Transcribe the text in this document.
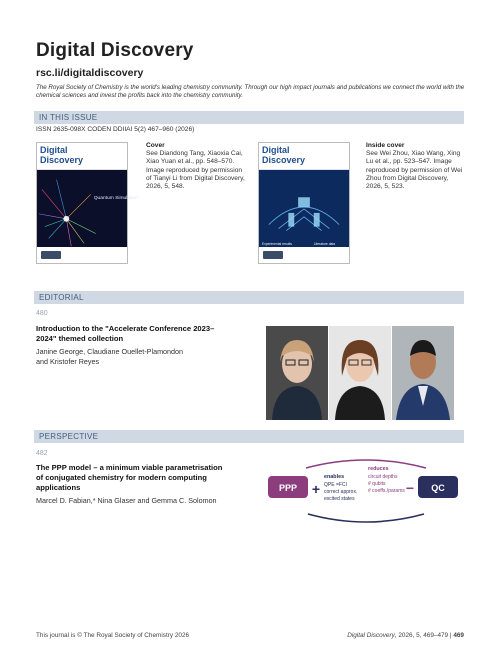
Digital Discovery
rsc.li/digitaldiscovery
The Royal Society of Chemistry is the world's leading chemistry community. Through our high impact journals and publications we connect the world with the chemical sciences and invest the profits back into the chemistry community.
IN THIS ISSUE
ISSN 2635-098X CODEN DDIIAI 5(2) 467–960 (2026)
Digital
Discovery
Quantum Simulation
Cover
See Diandong Tang, Xiaoxia Cai, Xiao Yuan et al., pp. 548–570. Image reproduced by permission of Tianyi Li from Digital Discovery, 2026, 5, 548.
Digital
Discovery
Experimental results	Literature data
Inside cover
See Wei Zhou, Xiao Wang, Xing Lu et al., pp. 523–547. Image reproduced by permission of Wei Zhou from Digital Discovery, 2026, 5, 523.
EDITORIAL
480
Introduction to the "Accelerate Conference 2023–
2024" themed collection
Janine George, Claudiane Ouellet-Plamondon
and Kristofer Reyes
PERSPECTIVE
482
The PPP model – a minimum viable parametrisation
of conjugated chemistry for modern computing
applications
Marcel D. Fabian,* Nina Glaser and Gemma C. Solomon
PPP	QC
+	−
enables
QPE =FCI
correct approx.
excited states
reduces
circuit depths
# qubits
# coeffs./params
This journal is © The Royal Society of Chemistry 2026	Digital Discovery, 2026, 5, 469–479 | 469
